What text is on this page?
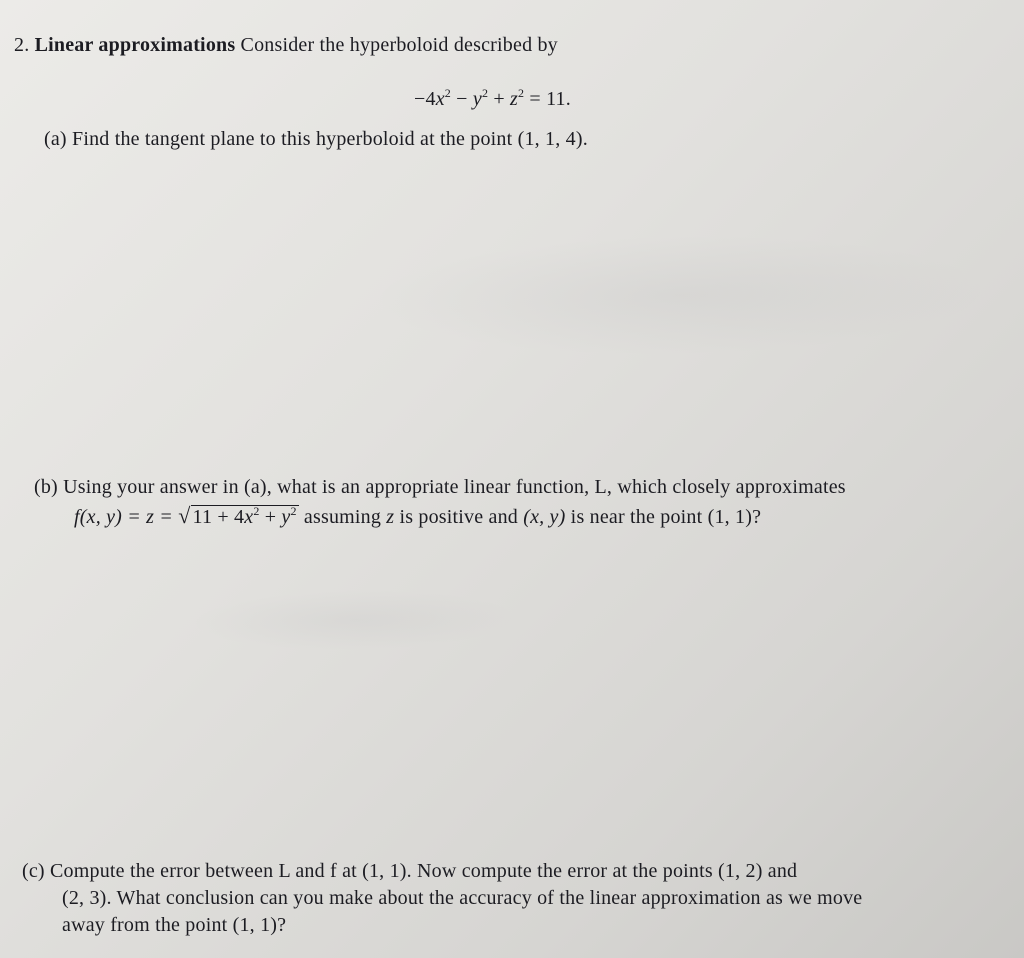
2. Linear approximations Consider the hyperboloid described by
$-4x^2 - y^2 + z^2 = 11$.
(a) Find the tangent plane to this hyperboloid at the point (1, 1, 4).
(b) Using your answer in (a), what is an appropriate linear function, L, which closely approximates
f(x, y) = z = √ $11 + 4x^2 + y^2$ assuming z is positive and (x, y) is near the point (1, 1)?
(c) Compute the error between L and f at (1, 1). Now compute the error at the points (1, 2) and
(2, 3). What conclusion can you make about the accuracy of the linear approximation as we move
away from the point (1, 1)?
